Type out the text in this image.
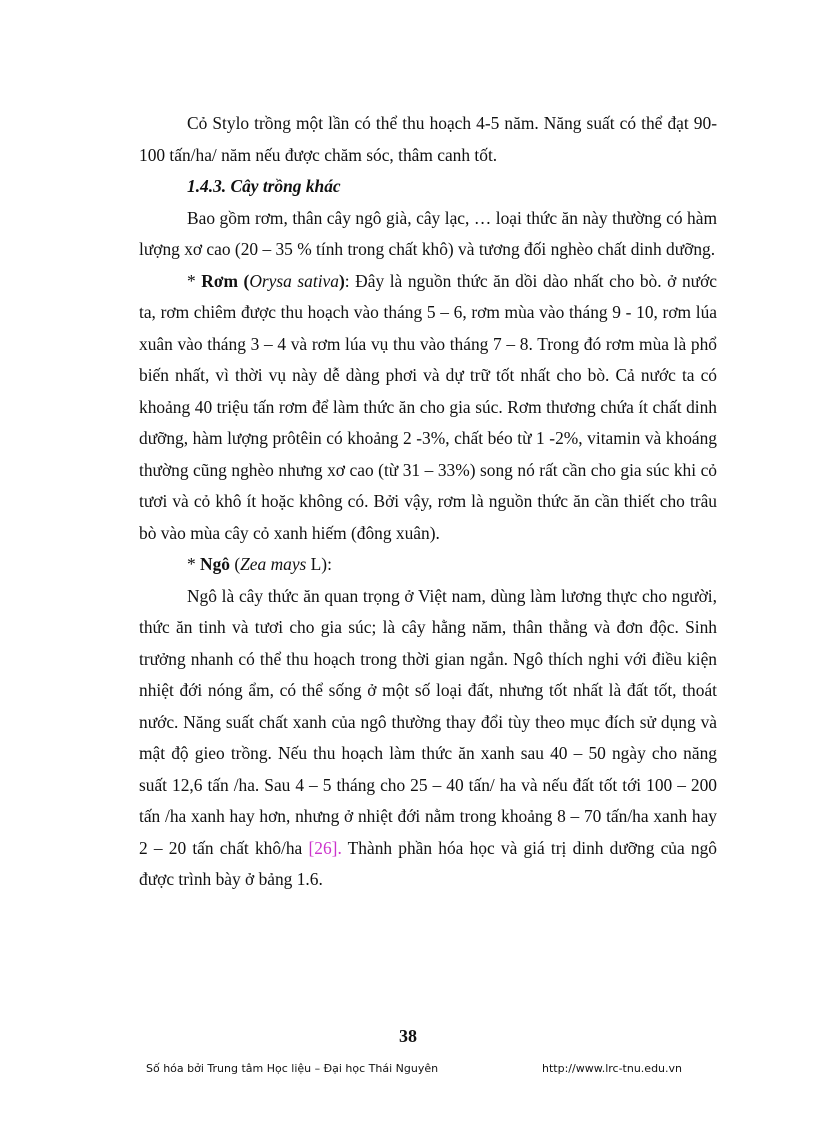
Cỏ Stylo trồng một lần có thể thu hoạch 4-5 năm. Năng suất có thể đạt 90- 100 tấn/ha/ năm nếu được chăm sóc, thâm canh tốt.

1.4.3. Cây trồng khác

Bao gồm rơm, thân cây ngô già, cây lạc, … loại thức ăn này thường có hàm lượng xơ cao (20 – 35 % tính trong chất khô) và tương đối nghèo chất dinh dưỡng.

* Rơm (Orysa sativa): Đây là nguồn thức ăn dồi dào nhất cho bò. ở nước ta, rơm chiêm được thu hoạch vào tháng 5 – 6, rơm mùa vào tháng 9 - 10, rơm lúa xuân vào tháng 3 – 4 và rơm lúa vụ thu vào tháng 7 – 8. Trong đó rơm mùa là phổ biến nhất, vì thời vụ này dễ dàng phơi và dự trữ tốt nhất cho bò. Cả nước ta có khoảng 40 triệu tấn rơm để làm thức ăn cho gia súc. Rơm thương chứa ít chất dinh dưỡng, hàm lượng prôtêin có khoảng 2 -3%, chất béo từ 1 -2%, vitamin và khoáng thường cũng nghèo nhưng xơ cao (từ 31 – 33%) song nó rất cần cho gia súc khi cỏ tươi và cỏ khô ít hoặc không có. Bởi vậy, rơm là nguồn thức ăn cần thiết cho trâu bò vào mùa cây cỏ xanh hiếm (đông xuân).

* Ngô (Zea mays L):

Ngô là cây thức ăn quan trọng ở Việt nam, dùng làm lương thực cho người, thức ăn tinh và tươi cho gia súc; là cây hằng năm, thân thẳng và đơn độc. Sinh trưởng nhanh có thể thu hoạch trong thời gian ngắn. Ngô thích nghi với điều kiện nhiệt đới nóng ẩm, có thể sống ở một số loại đất, nhưng tốt nhất là đất tốt, thoát nước. Năng suất chất xanh của ngô thường thay đổi tùy theo mục đích sử dụng và mật độ gieo trồng. Nếu thu hoạch làm thức ăn xanh sau 40 – 50 ngày cho năng suất 12,6 tấn /ha. Sau 4 – 5 tháng cho 25 – 40 tấn/ ha và nếu đất tốt tới 100 – 200 tấn /ha xanh hay hơn, nhưng ở nhiệt đới nằm trong khoảng 8 – 70 tấn/ha xanh hay 2 – 20 tấn chất khô/ha [26]. Thành phần hóa học và giá trị dinh dưỡng của ngô được trình bày ở bảng 1.6.

38
Số hóa bởi Trung tâm Học liệu – Đại học Thái Nguyên	http://www.lrc-tnu.edu.vn
